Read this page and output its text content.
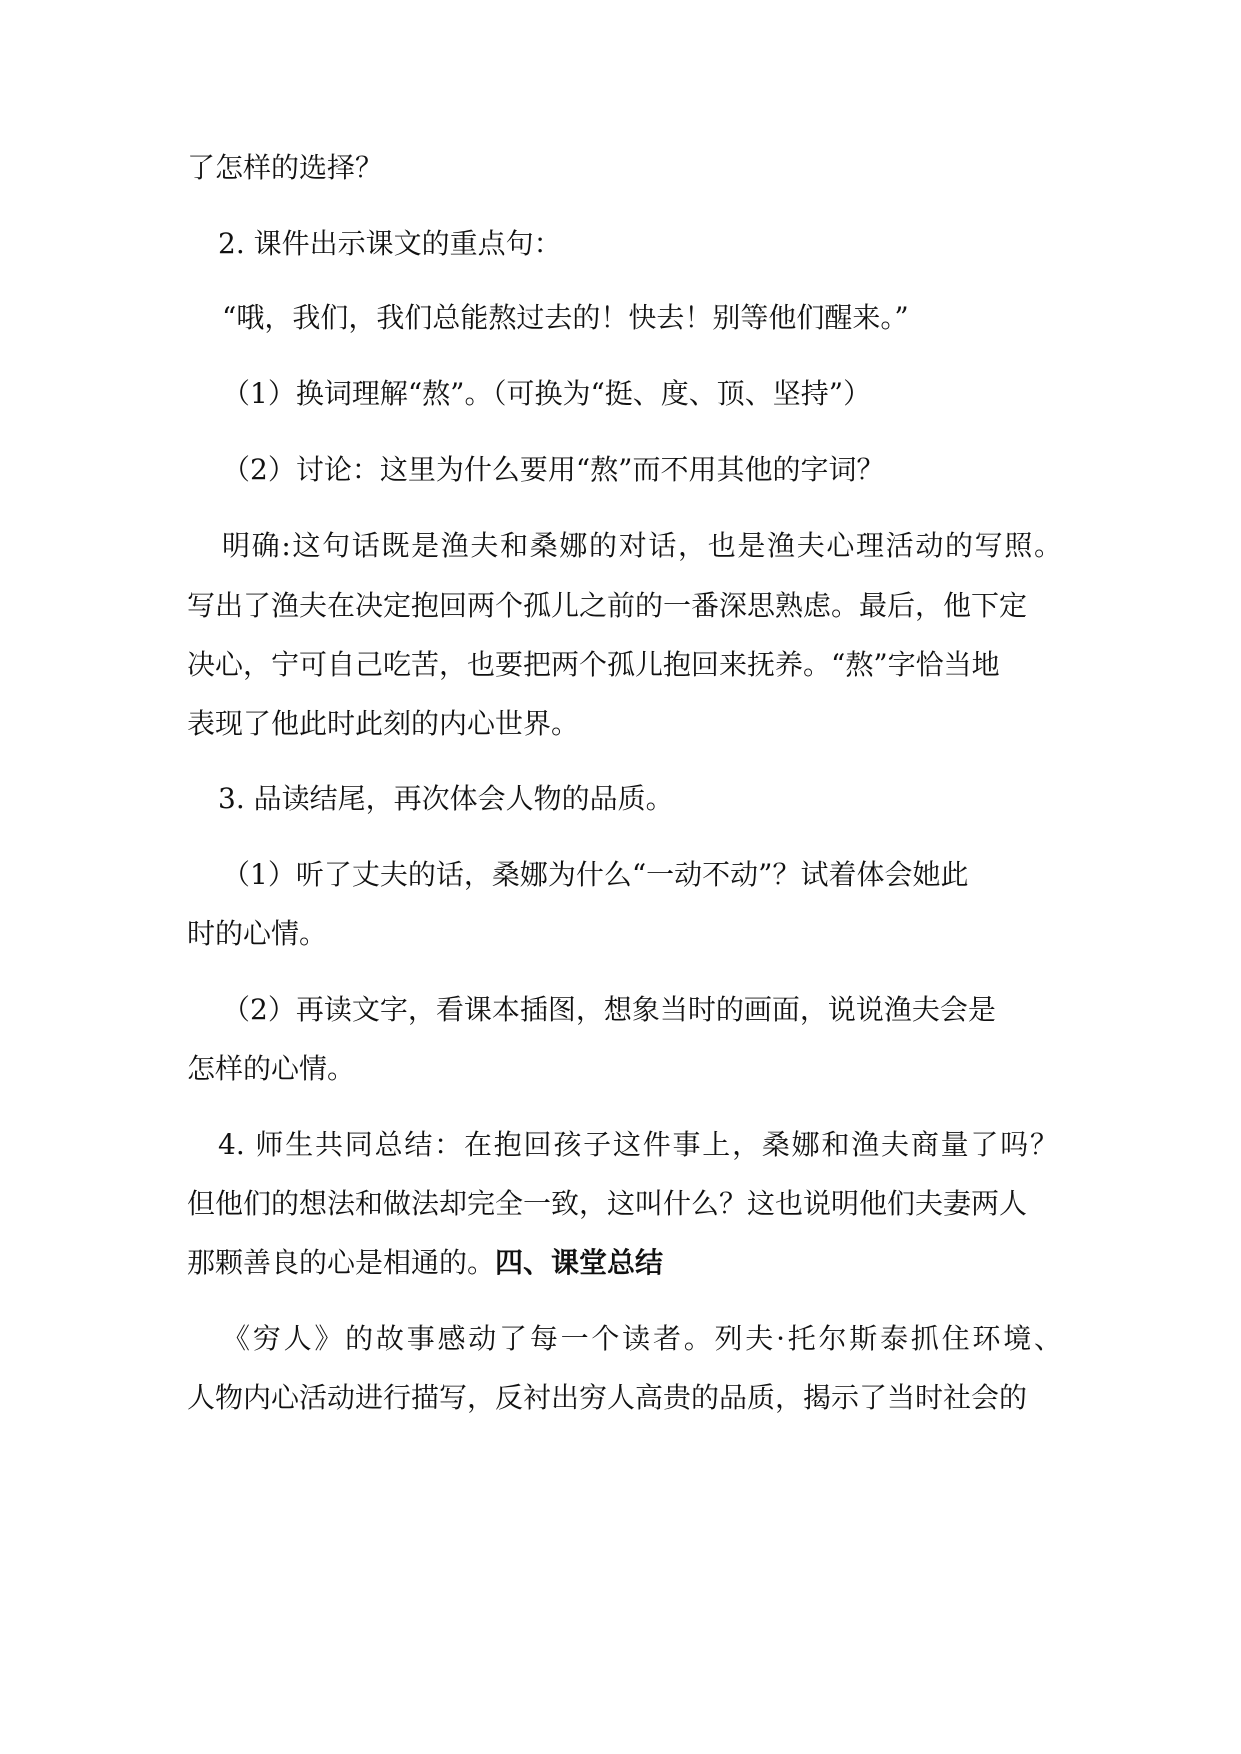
了怎样的选择？
2. 课件出示课文的重点句：
“哦，我们，我们总能熬过去的！快去！别等他们醒来。”
（1）换词理解“熬”。（可换为“挺、度、顶、坚持”）
（2）讨论：这里为什么要用“熬”而不用其他的字词？
明确:这句话既是渔夫和桑娜的对话，也是渔夫心理活动的写照。
写出了渔夫在决定抱回两个孤儿之前的一番深思熟虑。最后，他下定
决心，宁可自己吃苦，也要把两个孤儿抱回来抚养。“熬”字恰当地
表现了他此时此刻的内心世界。
3. 品读结尾，再次体会人物的品质。
（1）听了丈夫的话，桑娜为什么“一动不动”？试着体会她此
时的心情。
（2）再读文字，看课本插图，想象当时的画面，说说渔夫会是
怎样的心情。
4. 师生共同总结：在抱回孩子这件事上，桑娜和渔夫商量了吗？
但他们的想法和做法却完全一致，这叫什么？这也说明他们夫妻两人
那颗善良的心是相通的。四、课堂总结
《穷人》的故事感动了每一个读者。列夫·托尔斯泰抓住环境、
人物内心活动进行描写，反衬出穷人高贵的品质，揭示了当时社会的
